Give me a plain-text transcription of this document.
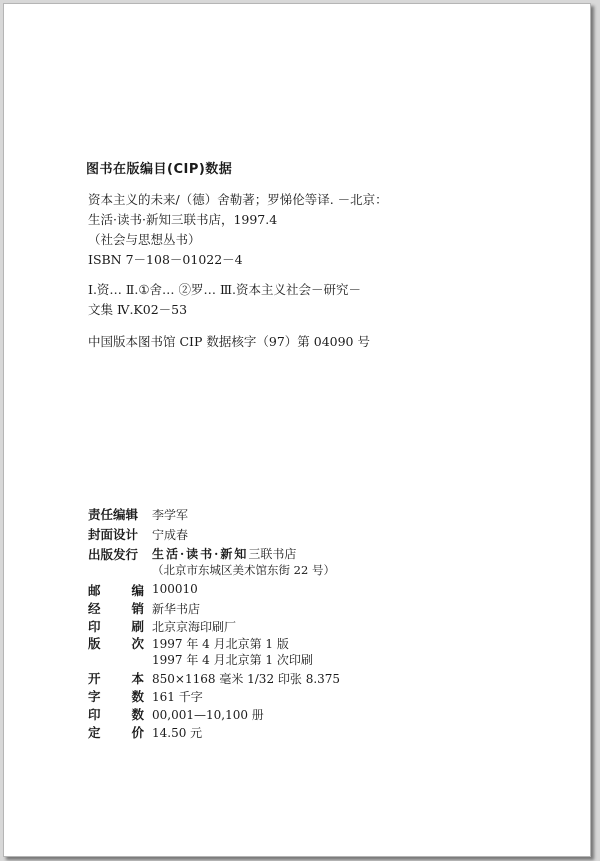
图书在版编目(CIP)数据
资本主义的未来/（德）舍勒著；罗悌伦等译. －北京：
生活·读书·新知三联书店，1997.4
（社会与思想丛书）
ISBN 7－108－01022－4
Ⅰ.资… Ⅱ.①舍… ②罗… Ⅲ.资本主义社会－研究－
文集 Ⅳ.K02－53
中国版本图书馆 CIP 数据核字（97）第 04090 号
责任编辑 李学军
封面设计 宁成春
出版发行 生活·读书·新知三联书店
（北京市东城区美术馆东街 22 号）
邮 编 100010
经 销 新华书店
印 刷 北京京海印刷厂
版 次 1997 年 4 月北京第 1 版
1997 年 4 月北京第 1 次印刷
开 本 850×1168 毫米 1/32 印张 8.375
字 数 161 千字
印 数 00,001—10,100 册
定 价 14.50 元
